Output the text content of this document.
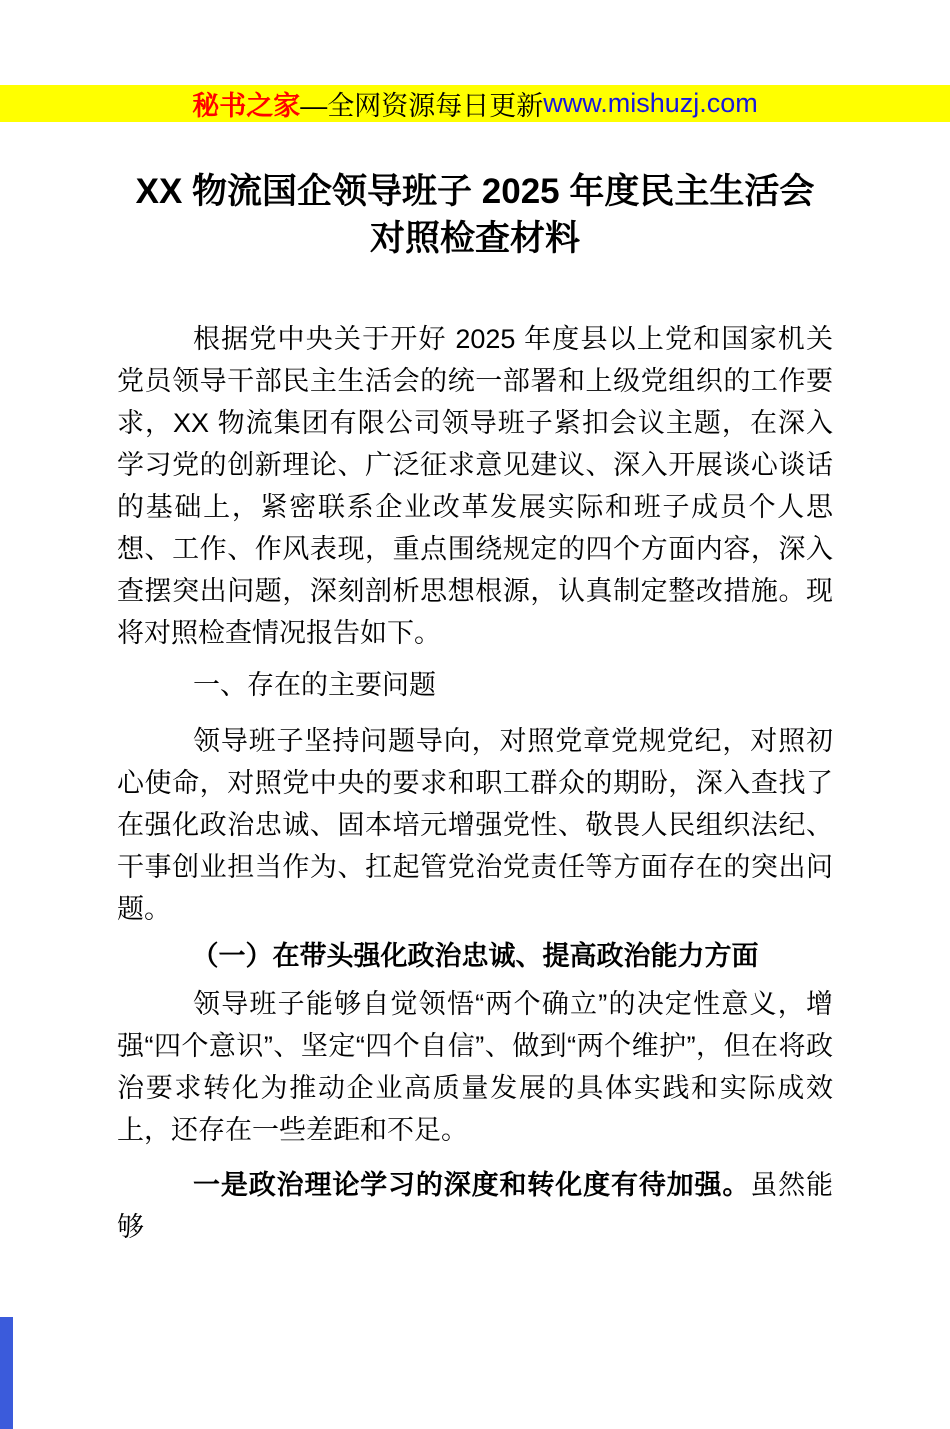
秘书之家 —全网资源每日更新 www.mishuzj.com
XX 物流国企领导班子 2025 年度民主生活会
对照检查材料

根据党中央关于开好 2025 年度县以上党和国家机关党员领导干部民主生活会的统一部署和上级党组织的工作要求，XX 物流集团有限公司领导班子紧扣会议主题，在深入学习党的创新理论、广泛征求意见建议、深入开展谈心谈话的基础上，紧密联系企业改革发展实际和班子成员个人思想、工作、作风表现，重点围绕规定的四个方面内容，深入查摆突出问题，深刻剖析思想根源，认真制定整改措施。现将对照检查情况报告如下。

一、存在的主要问题

领导班子坚持问题导向，对照党章党规党纪，对照初心使命，对照党中央的要求和职工群众的期盼，深入查找了在强化政治忠诚、固本培元增强党性、敬畏人民组织法纪、干事创业担当作为、扛起管党治党责任等方面存在的突出问题。

（一）在带头强化政治忠诚、提高政治能力方面

领导班子能够自觉领悟“两个确立”的决定性意义，增强“四个意识”、坚定“四个自信”、做到“两个维护”，但在将政治要求转化为推动企业高质量发展的具体实践和实际成效上，还存在一些差距和不足。

一是政治理论学习的深度和转化度有待加强。虽然能够
